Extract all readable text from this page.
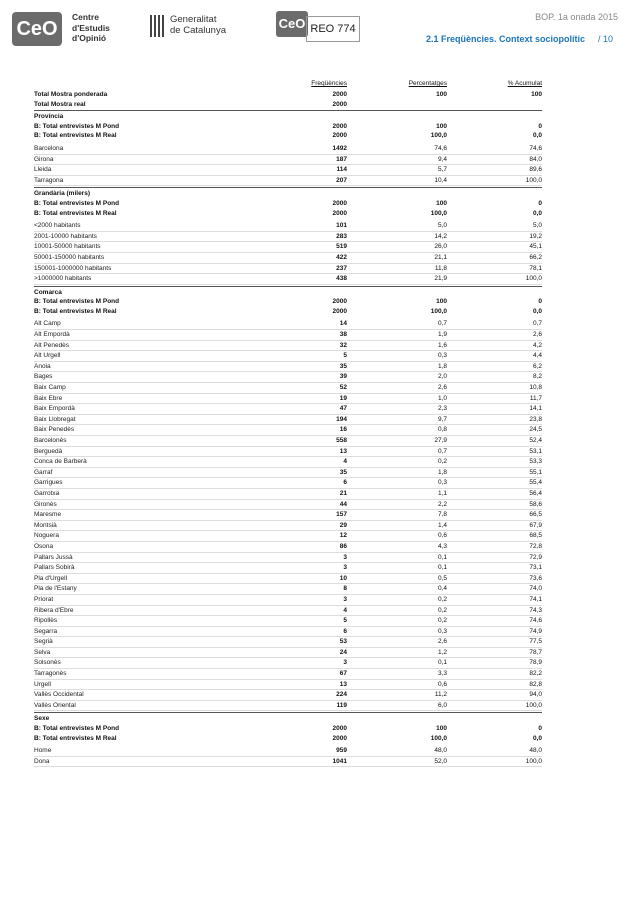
CeO
Centre
d'Estudis
d'Opinió
Generalitat
de Catalunya	CeO REO 774
BOP. 1a onada 2015
2.1 Freqüències. Context sociopolític / 10
Freqüències	Percentatges	% Acumulat
Total Mostra ponderada	2000	100	100
Total Mostra real	2000
Província
B: Total entrevistes M Pond	2000	100	0
B: Total entrevistes M Real	2000	100,0	0,0
Barcelona	1492	74,6	74,6
Girona	187	9,4	84,0
Lleida	114	5,7	89,6
Tarragona	207	10,4	100,0
Grandària (milers)
B: Total entrevistes M Pond	2000	100	0
B: Total entrevistes M Real	2000	100,0	0,0
<2000 habitants	101	5,0	5,0
2001-10000 habitants	283	14,2	19,2
10001-50000 habitants	519	26,0	45,1
50001-150000 habitants	422	21,1	66,2
150001-1000000 habitants	237	11,8	78,1
>1000000 habitants	438	21,9	100,0
Comarca
B: Total entrevistes M Pond	2000	100	0
B: Total entrevistes M Real	2000	100,0	0,0
Alt Camp	14	0,7	0,7
Alt Empordà	38	1,9	2,6
Alt Penedès	32	1,6	4,2
Alt Urgell	5	0,3	4,4
Anoia	35	1,8	6,2
Bages	39	2,0	8,2
Baix Camp	52	2,6	10,8
Baix Ebre	19	1,0	11,7
Baix Empordà	47	2,3	14,1
Baix Llobregat	194	9,7	23,8
Baix Penedès	16	0,8	24,5
Barcelonès	558	27,9	52,4
Berguedà	13	0,7	53,1
Conca de Barberà	4	0,2	53,3
Garraf	35	1,8	55,1
Garrigues	6	0,3	55,4
Garrotxa	21	1,1	56,4
Gironès	44	2,2	58,6
Maresme	157	7,8	66,5
Montsià	29	1,4	67,9
Noguera	12	0,6	68,5
Osona	86	4,3	72,8
Pallars Jussà	3	0,1	72,9
Pallars Sobirà	3	0,1	73,1
Pla d'Urgell	10	0,5	73,6
Pla de l'Estany	8	0,4	74,0
Priorat	3	0,2	74,1
Ribera d'Ebre	4	0,2	74,3
Ripollès	5	0,2	74,6
Segarra	6	0,3	74,9
Segrià	53	2,6	77,5
Selva	24	1,2	78,7
Solsonès	3	0,1	78,9
Tarragonès	67	3,3	82,2
Urgell	13	0,6	82,8
Vallès Occidental	224	11,2	94,0
Vallès Oriental	119	6,0	100,0
Sexe
B: Total entrevistes M Pond	2000	100	0
B: Total entrevistes M Real	2000	100,0	0,0
Home	959	48,0	48,0
Dona	1041	52,0	100,0
